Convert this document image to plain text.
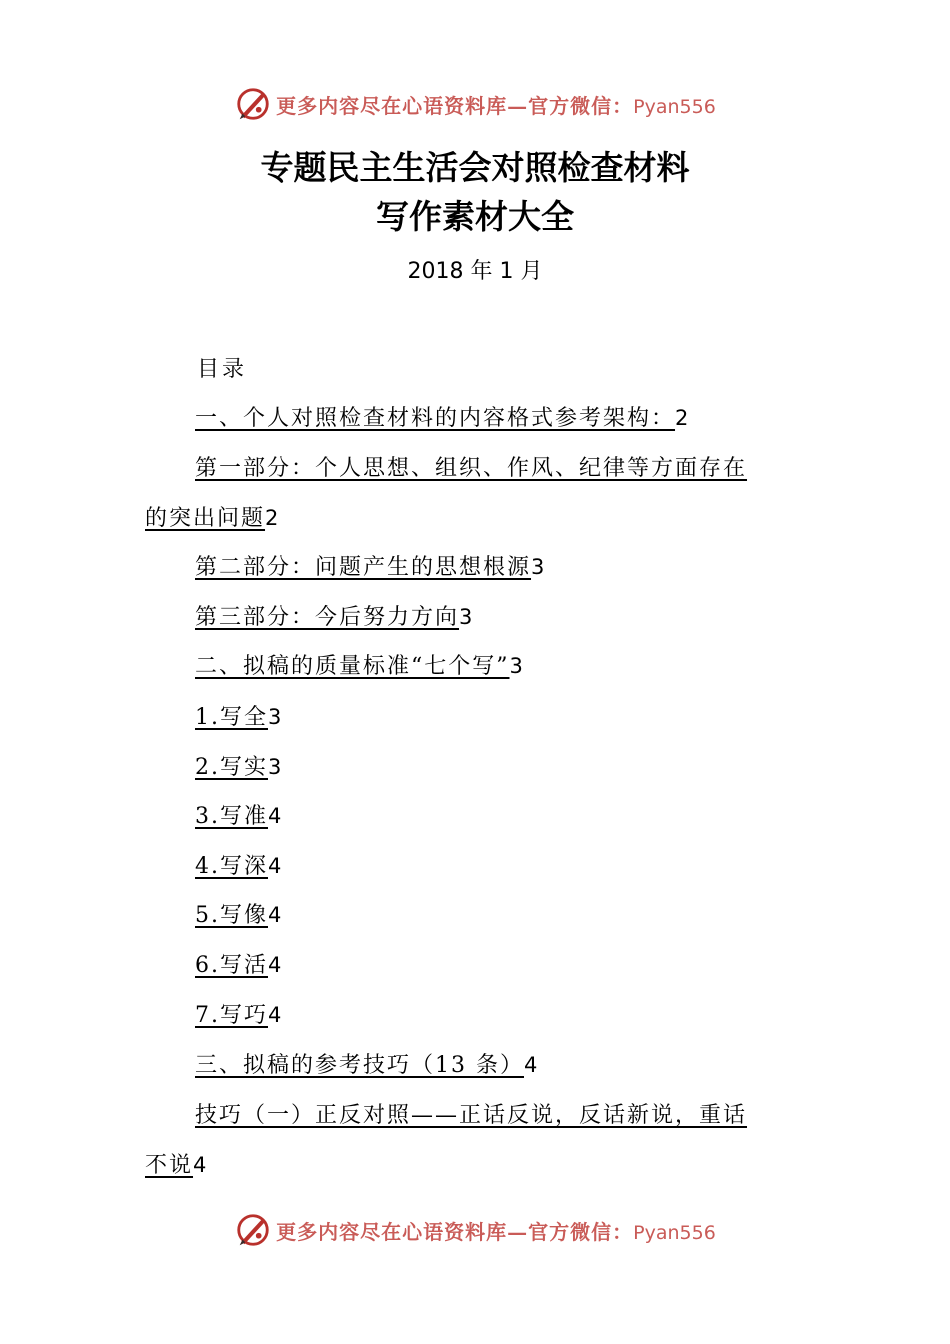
更多内容尽在心语资料库—官方微信：Pyan556
专题民主生活会对照检查材料
写作素材大全
2018 年 1 月
目录
一、个人对照检查材料的内容格式参考架构：2
第一部分：个人思想、组织、作风、纪律等方面存在
的突出问题2
第二部分：问题产生的思想根源3
第三部分：今后努力方向3
二、拟稿的质量标准“七个写”3
1.写全3
2.写实3
3.写准4
4.写深4
5.写像4
6.写活4
7.写巧4
三、拟稿的参考技巧（13 条）4
技巧（一）正反对照——正话反说，反话新说，重话
不说4
更多内容尽在心语资料库—官方微信：Pyan556
